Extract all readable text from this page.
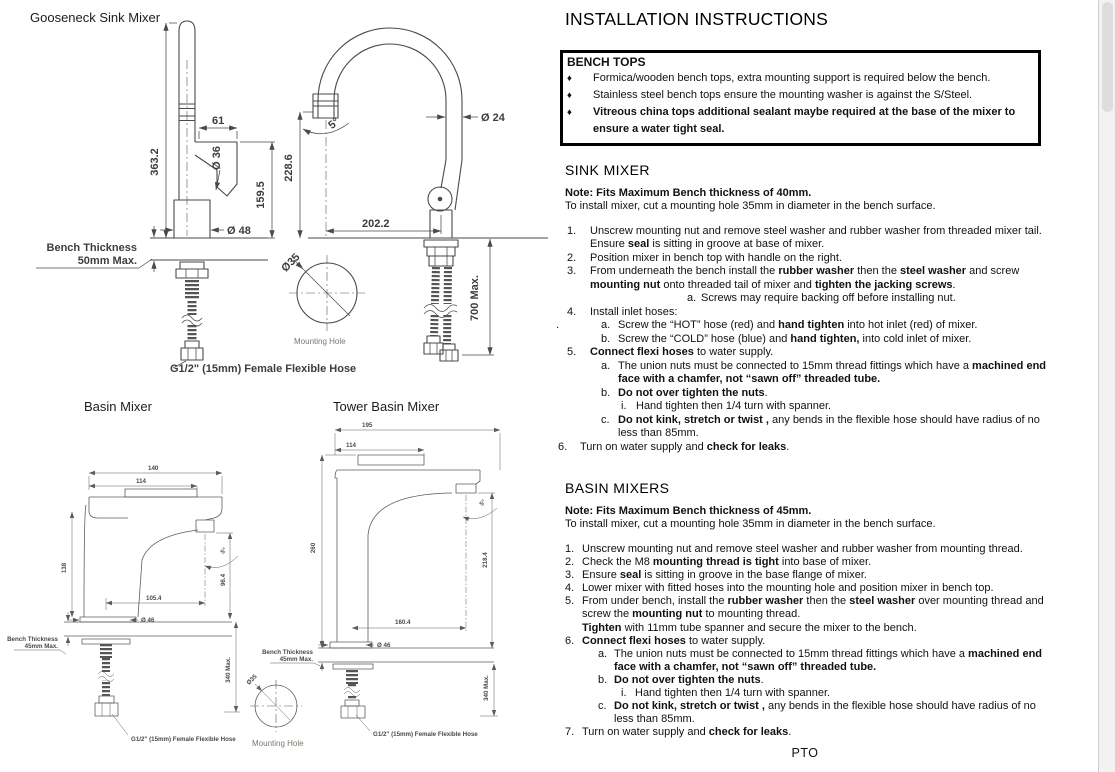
Gooseneck Sink Mixer
61
363.2	Ø 36
159.5
Ø 48
Bench Thickness
50mm Max.
G1/2" (15mm) Female Flexible Hose
5°
228.6
Ø 24
202.2
700 Max.
Ø35
Mounting Hole
Basin Mixer
140
114
138
5°
96.4
105.4
Ø 46
Bench Thickness
45mm Max.
G1/2" (15mm) Female Flexible Hose
340 Max. Ø35
Mounting Hole
Tower Basin Mixer
195
114
260
5°
218.4
160.4
Ø 46
Bench Thickness
45mm Max.
G1/2" (15mm) Female Flexible Hose
340 Max.
INSTALLATION INSTRUCTIONS
BENCH TOPS
♦	Formica/wooden bench tops, extra mounting support is required below the bench.
♦	Stainless steel bench tops ensure the mounting washer is against the S/Steel.
♦	Vitreous china tops additional sealant maybe required at the base of the mixer to ensure a water tight seal.
SINK MIXER
Note: Fits Maximum Bench thickness of 40mm.
To install mixer, cut a mounting hole 35mm in diameter in the bench surface.
1.	Unscrew mounting nut and remove steel washer and rubber washer from threaded mixer tail. Ensure seal is sitting in groove at base of mixer.
2.	Position mixer in bench top with handle on the right.
3.	From underneath the bench install the rubber washer then the steel washer and screw mounting nut onto threaded tail of mixer and tighten the jacking screws.
a. Screws may require backing off before installing nut.
4.	Install inlet hoses:
.	a. Screw the “HOT” hose (red) and hand tighten into hot inlet (red) of mixer.
b. Screw the “COLD” hose (blue) and hand tighten, into cold inlet of mixer.
5.	Connect flexi hoses to water supply.
a. The union nuts must be connected to 15mm thread fittings which have a machined end face with a chamfer, not “sawn off” threaded tube.
b. Do not over tighten the nuts.
i. Hand tighten then 1/4 turn with spanner.
c. Do not kink, stretch or twist , any bends in the flexible hose should have radius of no less than 85mm.
6.	Turn on water supply and check for leaks.
BASIN MIXERS
Note: Fits Maximum Bench thickness of 45mm.
To install mixer, cut a mounting hole 35mm in diameter in the bench surface.
1. Unscrew mounting nut and remove steel washer and rubber washer from mounting thread.
2. Check the M8 mounting thread is tight into base of mixer.
3. Ensure seal is sitting in groove in the base flange of mixer.
4. Lower mixer with fitted hoses into the mounting hole and position mixer in bench top.
5. From under bench, install the rubber washer then the steel washer over mounting thread and screw the mounting nut to mounting thread.
Tighten with 11mm tube spanner and secure the mixer to the bench.
6. Connect flexi hoses to water supply.
a. The union nuts must be connected to 15mm thread fittings which have a machined end face with a chamfer, not “sawn off” threaded tube.
b. Do not over tighten the nuts.
i. Hand tighten then 1/4 turn with spanner.
c. Do not kink, stretch or twist , any bends in the flexible hose should have radius of no less than 85mm.
7. Turn on water supply and check for leaks.
PTO
